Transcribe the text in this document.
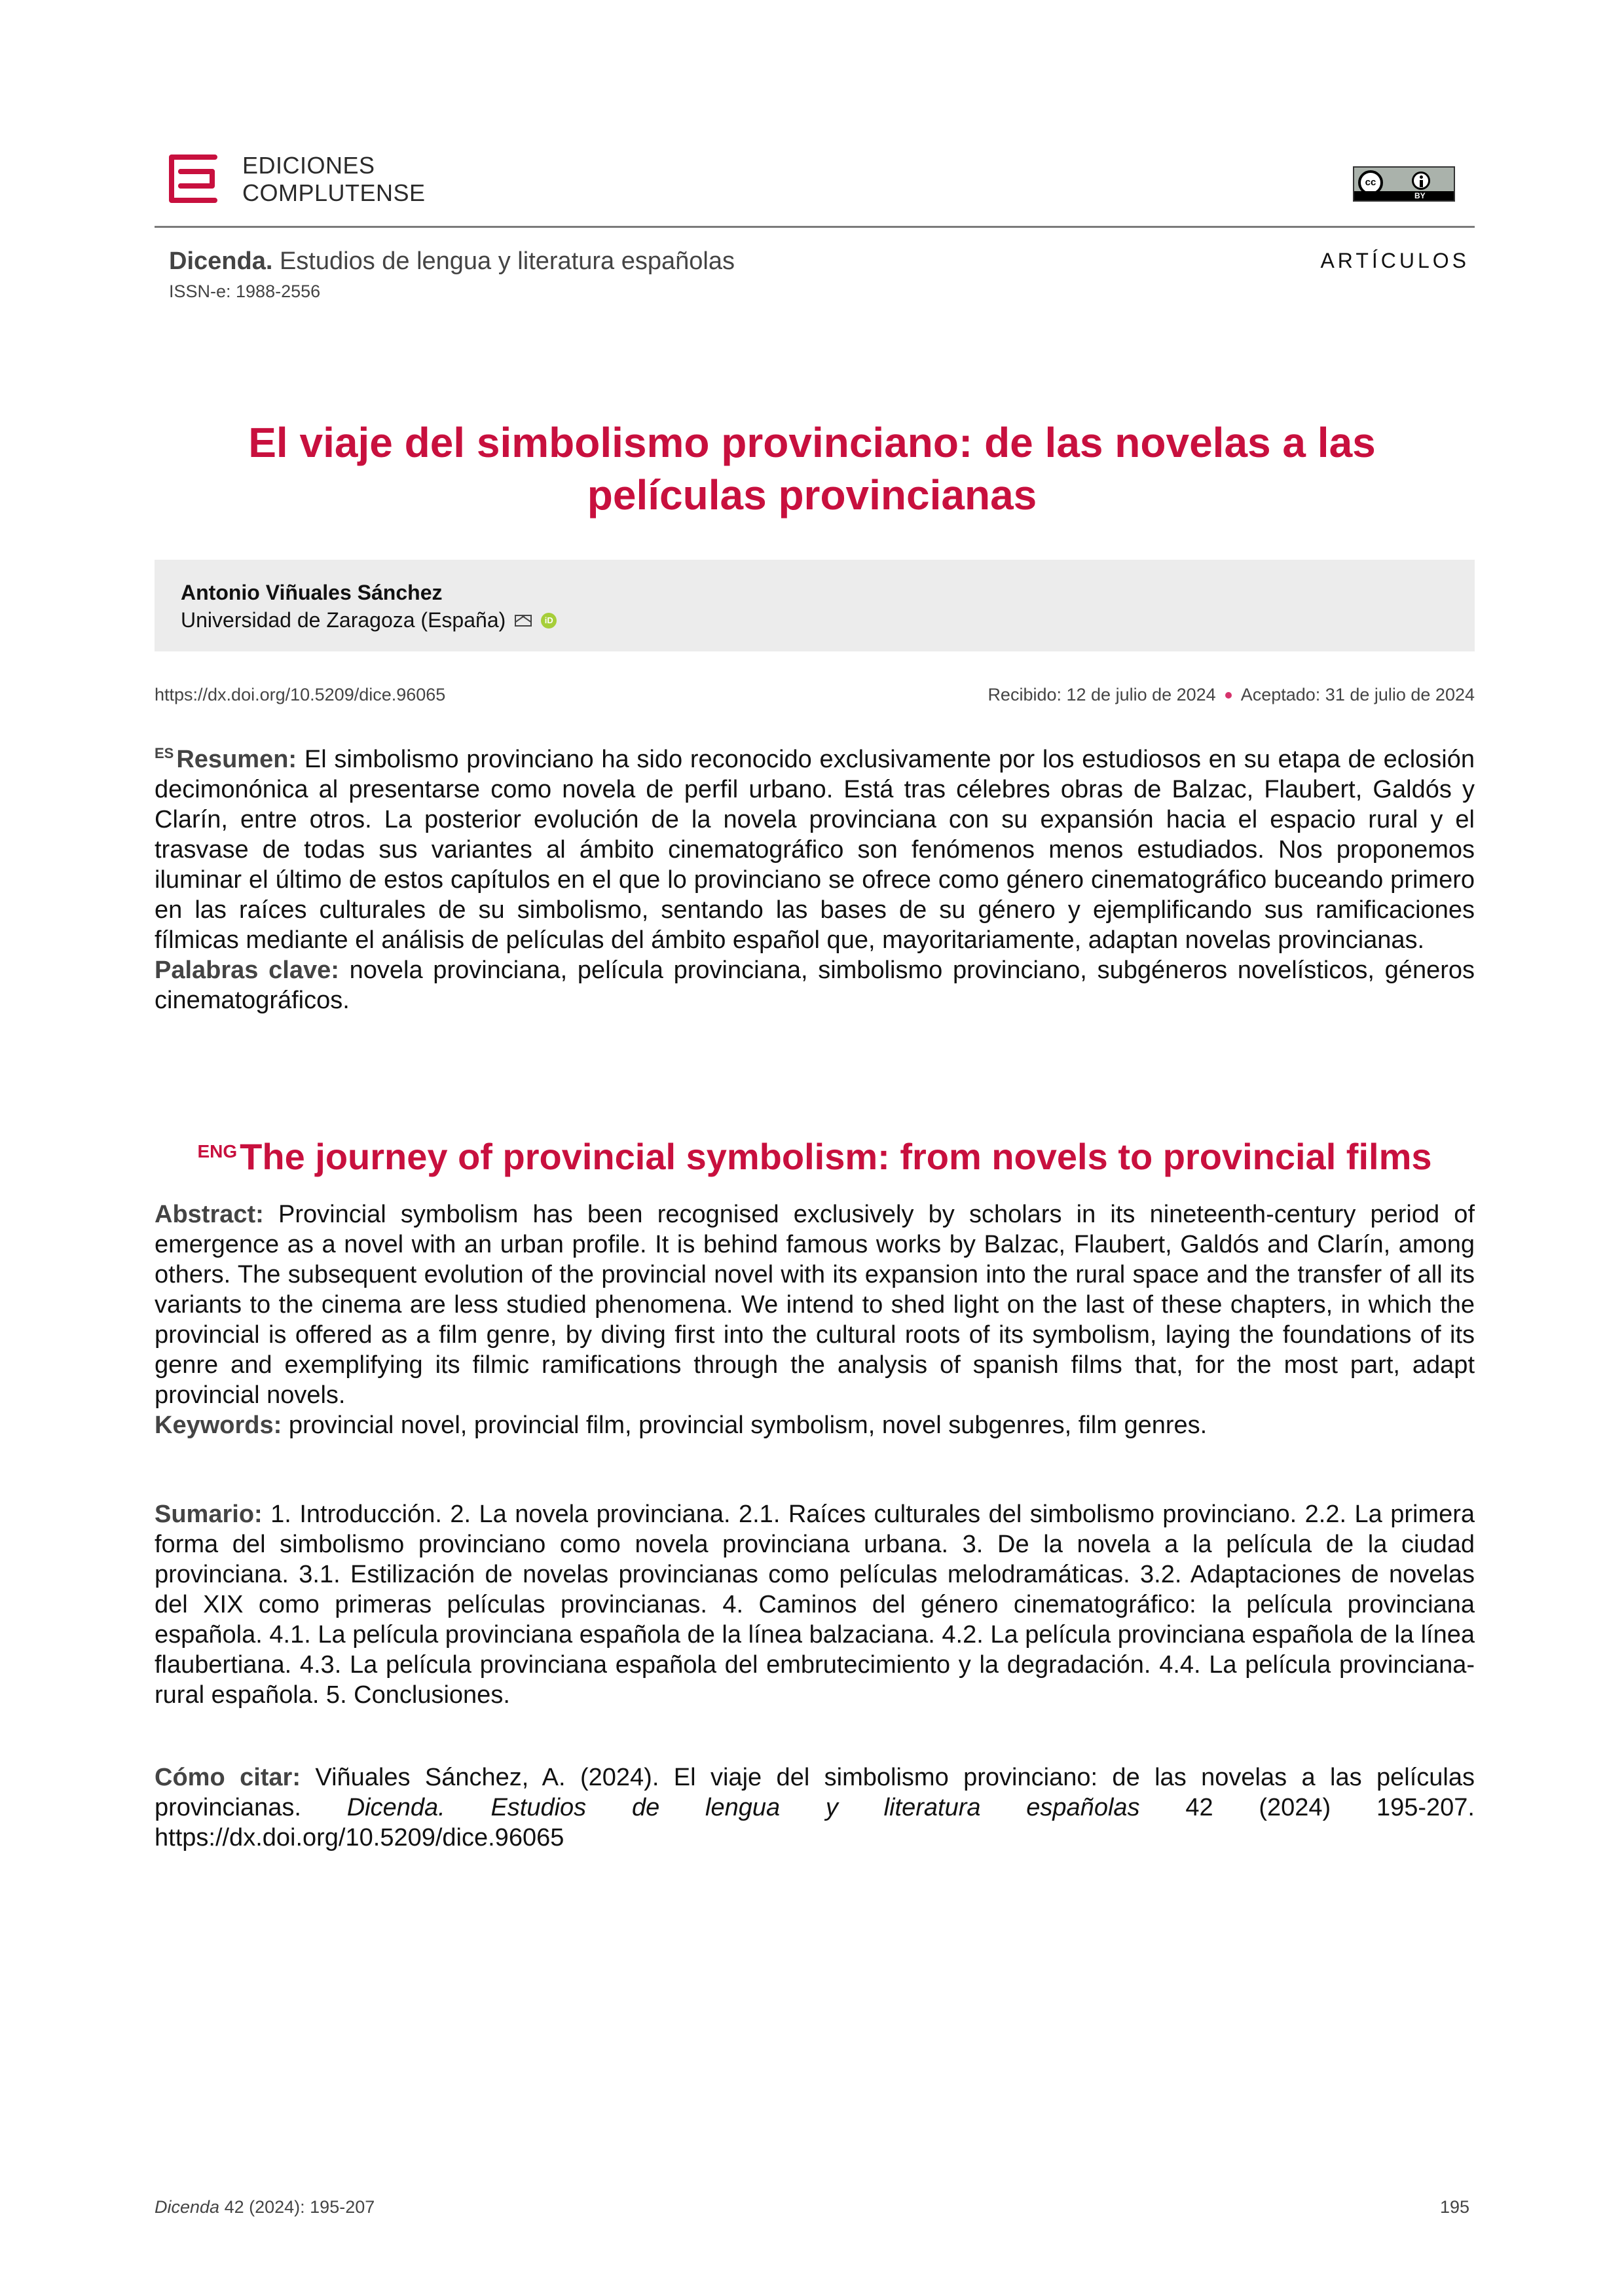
EDICIONES
COMPLUTENSE	cc
BY
Dicenda. Estudios de lengua y literatura españolas
ISSN-e: 1988-2556
ARTÍCULOS
El viaje del simbolismo provinciano: de las novelas a las películas provincianas
Antonio Viñuales Sánchez
Universidad de Zaragoza (España)	iD
https://dx.doi.org/10.5209/dice.96065	Recibido: 12 de julio de 2024 Aceptado: 31 de julio de 2024
$^{ES}$ Resumen: El simbolismo provinciano ha sido reconocido exclusivamente por los estudiosos en su etapa de eclosión decimonónica al presentarse como novela de perfil urbano. Está tras célebres obras de Balzac, Flaubert, Galdós y Clarín, entre otros. La posterior evolución de la novela provinciana con su expansión hacia el espacio rural y el trasvase de todas sus variantes al ámbito cinematográfico son fenómenos menos estudiados. Nos proponemos iluminar el último de estos capítulos en el que lo provinciano se ofrece como género cinematográfico buceando primero en las raíces culturales de su simbolismo, sentando las bases de su género y ejemplificando sus ramificaciones fílmicas mediante el análisis de películas del ámbito español que, mayoritariamente, adaptan novelas provincianas.
Palabras clave: novela provinciana, película provinciana, simbolismo provinciano, subgéneros novelísticos, géneros cinematográficos.
$^{ENG}$The journey of provincial symbolism: from novels to provincial films
Abstract: Provincial symbolism has been recognised exclusively by scholars in its nineteenth-century period of emergence as a novel with an urban profile. It is behind famous works by Balzac, Flaubert, Galdós and Clarín, among others. The subsequent evolution of the provincial novel with its expansion into the rural space and the transfer of all its variants to the cinema are less studied phenomena. We intend to shed light on the last of these chapters, in which the provincial is offered as a film genre, by diving first into the cultural roots of its symbolism, laying the foundations of its genre and exemplifying its filmic ramifications through the analysis of spanish films that, for the most part, adapt provincial novels.
Keywords: provincial novel, provincial film, provincial symbolism, novel subgenres, film genres.
Sumario: 1. Introducción. 2. La novela provinciana. 2.1. Raíces culturales del simbolismo provinciano. 2.2. La primera forma del simbolismo provinciano como novela provinciana urbana. 3. De la novela a la película de la ciudad provinciana. 3.1. Estilización de novelas provincianas como películas melodramáticas. 3.2. Adaptaciones de novelas del XIX como primeras películas provincianas. 4. Caminos del género cinematográfico: la película provinciana española. 4.1. La película provinciana española de la línea balzaciana. 4.2. La película provinciana española de la línea flaubertiana. 4.3. La película provinciana española del embrutecimiento y la degradación. 4.4. La película provinciana-rural española. 5. Conclusiones.
Cómo citar: Viñuales Sánchez, A. (2024). El viaje del simbolismo provinciano: de las novelas a las películas provincianas. Dicenda. Estudios de lengua y literatura españolas 42 (2024) 195-207. https://dx.doi.org/10.5209/dice.96065
Dicenda 42 (2024): 195-207	195
